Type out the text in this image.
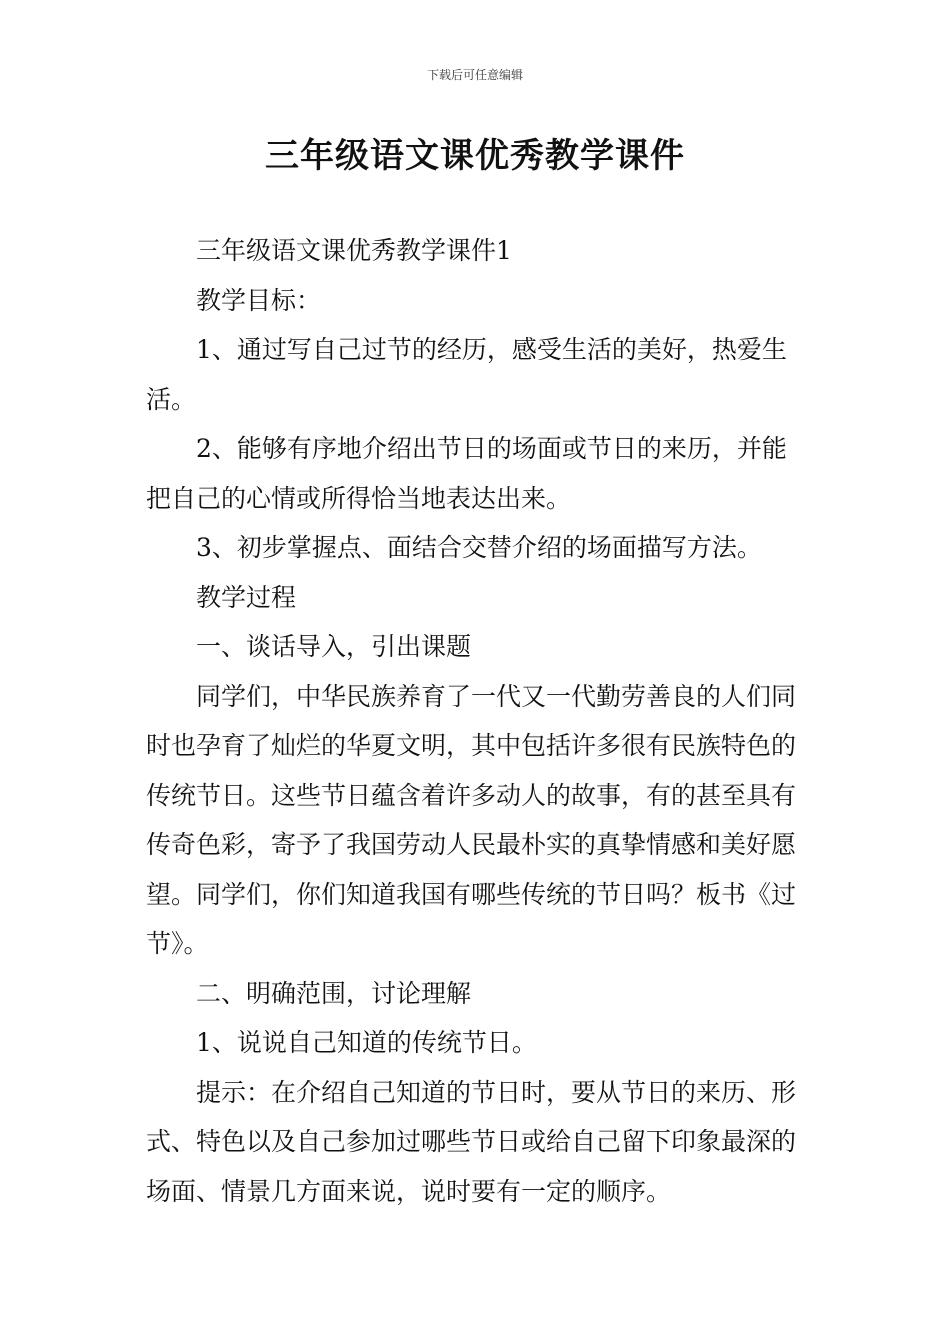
下载后可任意编辑
三年级语文课优秀教学课件

三年级语文课优秀教学课件1

教学目标：

1、通过写自己过节的经历，感受生活的美好，热爱生活。

2、能够有序地介绍出节日的场面或节日的来历，并能把自己的心情或所得恰当地表达出来。

3、初步掌握点、面结合交替介绍的场面描写方法。

教学过程

一、谈话导入，引出课题

同学们，中华民族养育了一代又一代勤劳善良的人们同时也孕育了灿烂的华夏文明，其中包括许多很有民族特色的传统节日。这些节日蕴含着许多动人的故事，有的甚至具有传奇色彩，寄予了我国劳动人民最朴实的真挚情感和美好愿望。同学们，你们知道我国有哪些传统的节日吗？板书《过节》。

二、明确范围，讨论理解

1、说说自己知道的传统节日。

提示：在介绍自己知道的节日时，要从节日的来历、形式、特色以及自己参加过哪些节日或给自己留下印象最深的场面、情景几方面来说，说时要有一定的顺序。
